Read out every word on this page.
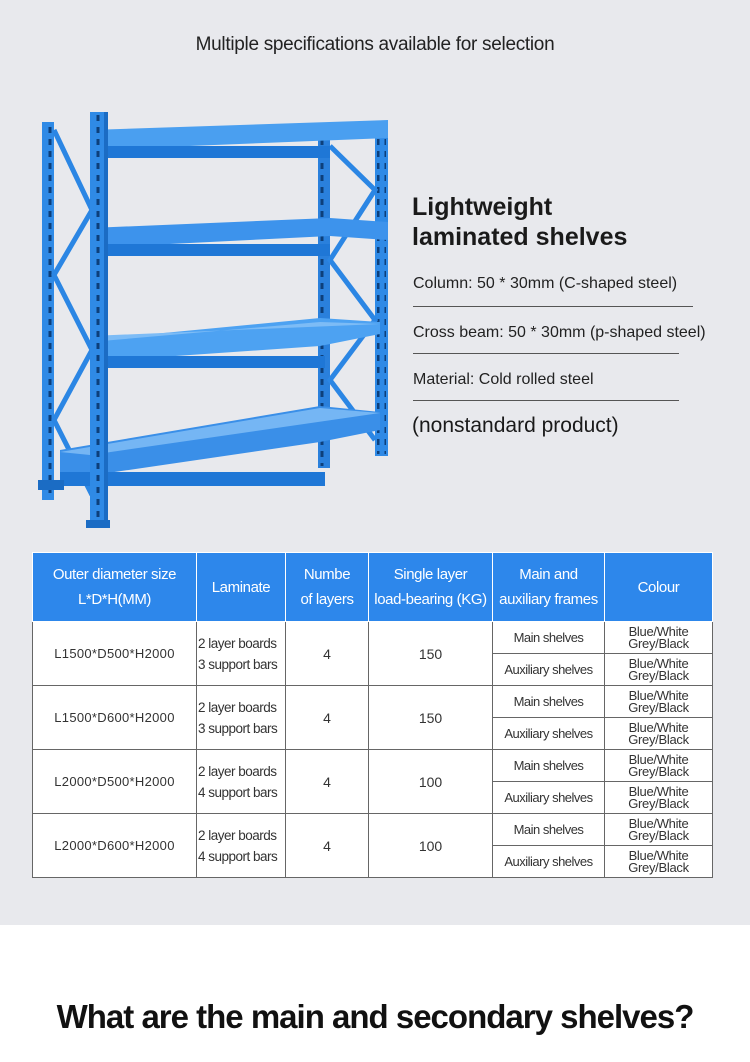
Multiple specifications available for selection
Lightweight
laminated shelves
Column: 50 * 30mm (C-shaped steel)
Cross beam: 50 * 30mm (p-shaped steel)
Material: Cold rolled steel
(nonstandard product)
Outer diameter size
L*D*H(MM)	Laminate	Numbe
of layers	Single layer
load-bearing (KG)	Main and
auxiliary frames	Colour
L1500*D500*H2000	2 layer boards
3 support bars	4	150	Main shelves	Blue/White
Grey/Black
				Auxiliary shelves	Blue/White
Grey/Black
L1500*D600*H2000	2 layer boards
3 support bars	4	150	Main shelves	Blue/White
Grey/Black
				Auxiliary shelves	Blue/White
Grey/Black
L2000*D500*H2000	2 layer boards
4 support bars	4	100	Main shelves	Blue/White
Grey/Black
				Auxiliary shelves	Blue/White
Grey/Black
L2000*D600*H2000	2 layer boards
4 support bars	4	100	Main shelves	Blue/White
Grey/Black
				Auxiliary shelves	Blue/White
Grey/Black
What are the main and secondary shelves?
